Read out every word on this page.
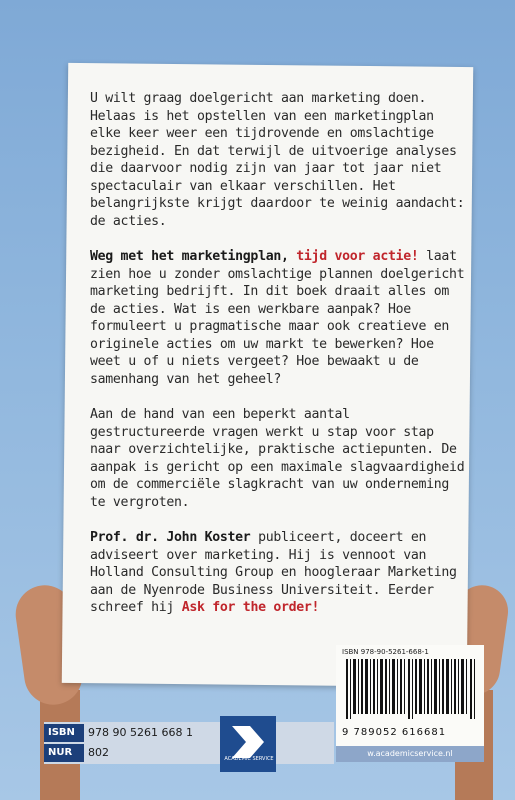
U wilt graag doelgericht aan marketing doen. Helaas is het opstellen van een marketingplan elke keer weer een tijdrovende en omslachtige bezigheid. En dat terwijl de uitvoerige analyses die daarvoor nodig zijn van jaar tot jaar niet spectaculair van elkaar verschillen. Het belangrijkste krijgt daardoor te weinig aandacht: de acties.

Weg met het marketingplan, tijd voor actie! laat zien hoe u zonder omslachtige plannen doelgericht marketing bedrijft. In dit boek draait alles om de acties. Wat is een werkbare aanpak? Hoe formuleert u pragmatische maar ook creatieve en originele acties om uw markt te bewerken? Hoe weet u of u niets vergeet? Hoe bewaakt u de samenhang van het geheel?

Aan de hand van een beperkt aantal gestructureerde vragen werkt u stap voor stap naar overzichtelijke, praktische actiepunten. De aanpak is gericht op een maximale slagvaardigheid om de commerciële slagkracht van uw onderneming te vergroten.

Prof. dr. John Koster publiceert, doceert en adviseert over marketing. Hij is vennoot van Holland Consulting Group en hoogleraar Marketing aan de Nyenrode Business Universiteit. Eerder schreef hij Ask for the order!

ISBN 978-90-5261-668-1
9 789052 616681
ISBN	978 90 5261 668 1
NUR	802	ACADEMIC SERVICE
w.academicservice.nl
